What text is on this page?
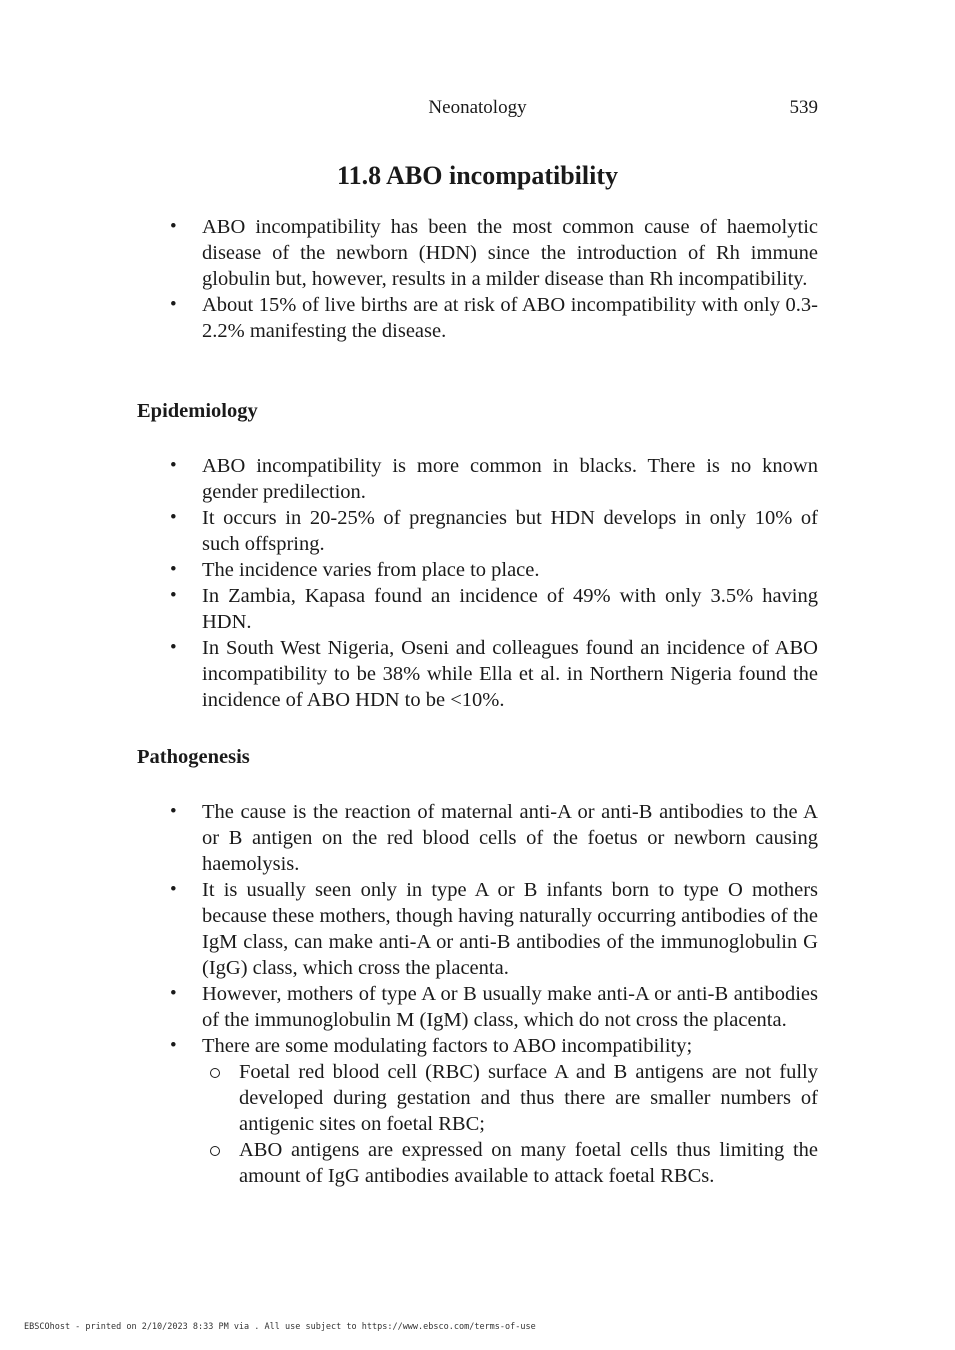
Neonatology	539
11.8 ABO incompatibility
• ABO incompatibility has been the most common cause of haemolytic disease of the newborn (HDN) since the introduction of Rh immune globulin but, however, results in a milder disease than Rh incompatibility.
• About 15% of live births are at risk of ABO incompatibility with only 0.3-2.2% manifesting the disease.
Epidemiology
• ABO incompatibility is more common in blacks. There is no known gender predilection.
• It occurs in 20-25% of pregnancies but HDN develops in only 10% of such offspring.
• The incidence varies from place to place.
• In Zambia, Kapasa found an incidence of 49% with only 3.5% having HDN.
• In South West Nigeria, Oseni and colleagues found an incidence of ABO incompatibility to be 38% while Ella et al. in Northern Nigeria found the incidence of ABO HDN to be <10%.
Pathogenesis
• The cause is the reaction of maternal anti-A or anti-B antibodies to the A or B antigen on the red blood cells of the foetus or newborn causing haemolysis.
• It is usually seen only in type A or B infants born to type O mothers because these mothers, though having naturally occurring antibodies of the IgM class, can make anti-A or anti-B antibodies of the immunoglobulin G (IgG) class, which cross the placenta.
• However, mothers of type A or B usually make anti-A or anti-B antibodies of the immunoglobulin M (IgM) class, which do not cross the placenta.
• There are some modulating factors to ABO incompatibility;
Foetal red blood cell (RBC) surface A and B antigens are not fully developed during gestation and thus there are smaller numbers of antigenic sites on foetal RBC;
ABO antigens are expressed on many foetal cells thus limiting the amount of IgG antibodies available to attack foetal RBCs.
EBSCOhost - printed on 2/10/2023 8:33 PM via . All use subject to https://www.ebsco.com/terms-of-use
